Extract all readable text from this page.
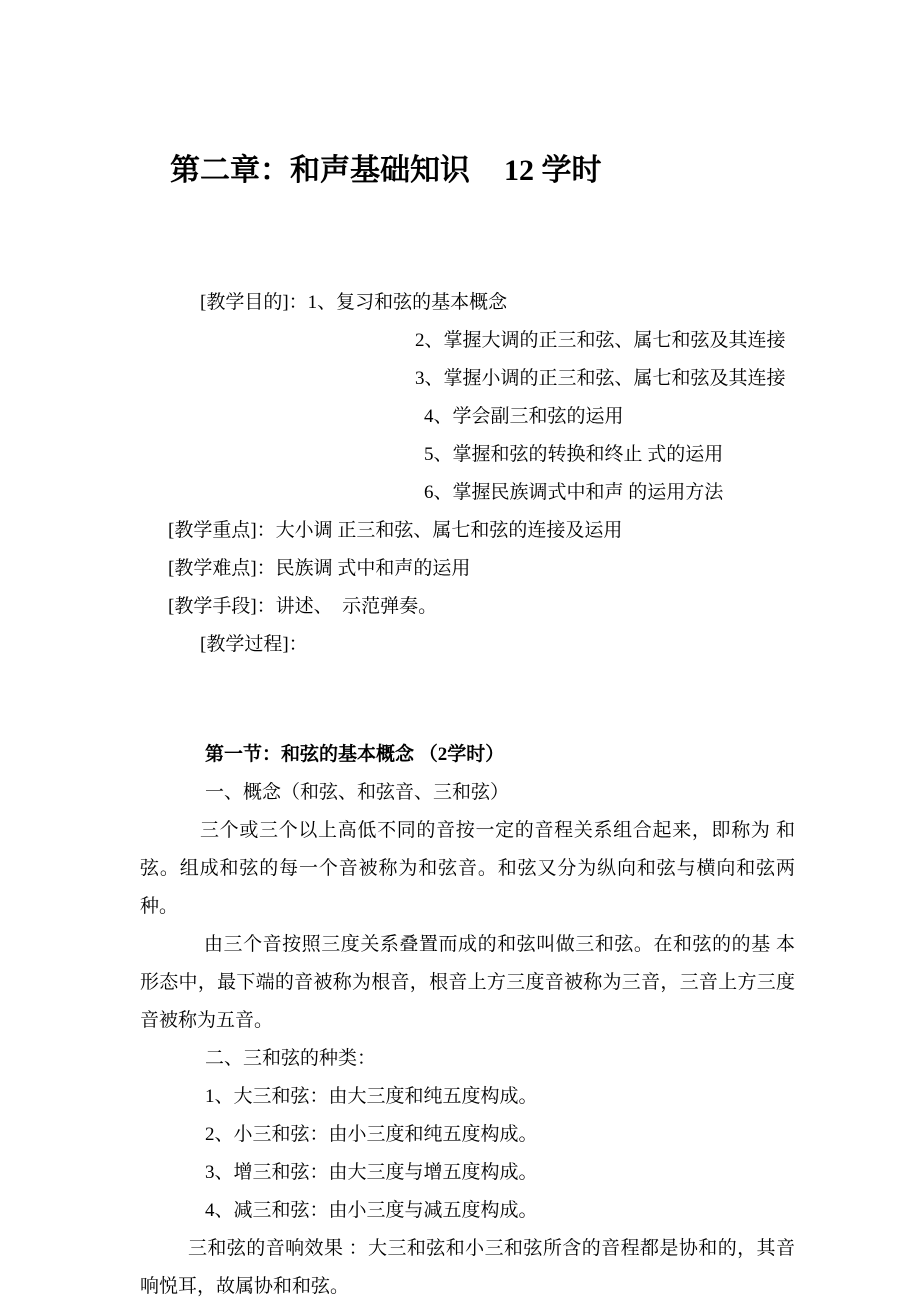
第二章：和声基础知识 12 学时

[教学目的]：1、复习和弦的基本概念

2、掌握大调的正三和弦、属七和弦及其连接

3、掌握小调的正三和弦、属七和弦及其连接

4、学会副三和弦的运用

5、掌握和弦的转换和终止 式的运用

6、掌握民族调式中和声 的运用方法

[教学重点]：大小调 正三和弦、属七和弦的连接及运用

[教学难点]：民族调 式中和声的运用

[教学手段]：讲述、  示范弹奏。

[教学过程]：

第一节：和弦的基本概念 （2学时）

一、概念（和弦、和弦音、三和弦）

三个或三个以上高低不同的音按一定的音程关系组合起来，即称为 和弦。组成和弦的每一个音被称为和弦音。和弦又分为纵向和弦与横向和弦两种。

由三个音按照三度关系叠置而成的和弦叫做三和弦。在和弦的的基 本形态中，最下端的音被称为根音，根音上方三度音被称为三音，三音上方三度音被称为五音。

二、三和弦的种类：

1、大三和弦：由大三度和纯五度构成。

2、小三和弦：由小三度和纯五度构成。

3、增三和弦：由大三度与增五度构成。

4、减三和弦：由小三度与减五度构成。

三和弦的音响效果 ：大三和弦和小三和弦所含的音程都是协和的，其音响悦耳，故属协和和弦。
